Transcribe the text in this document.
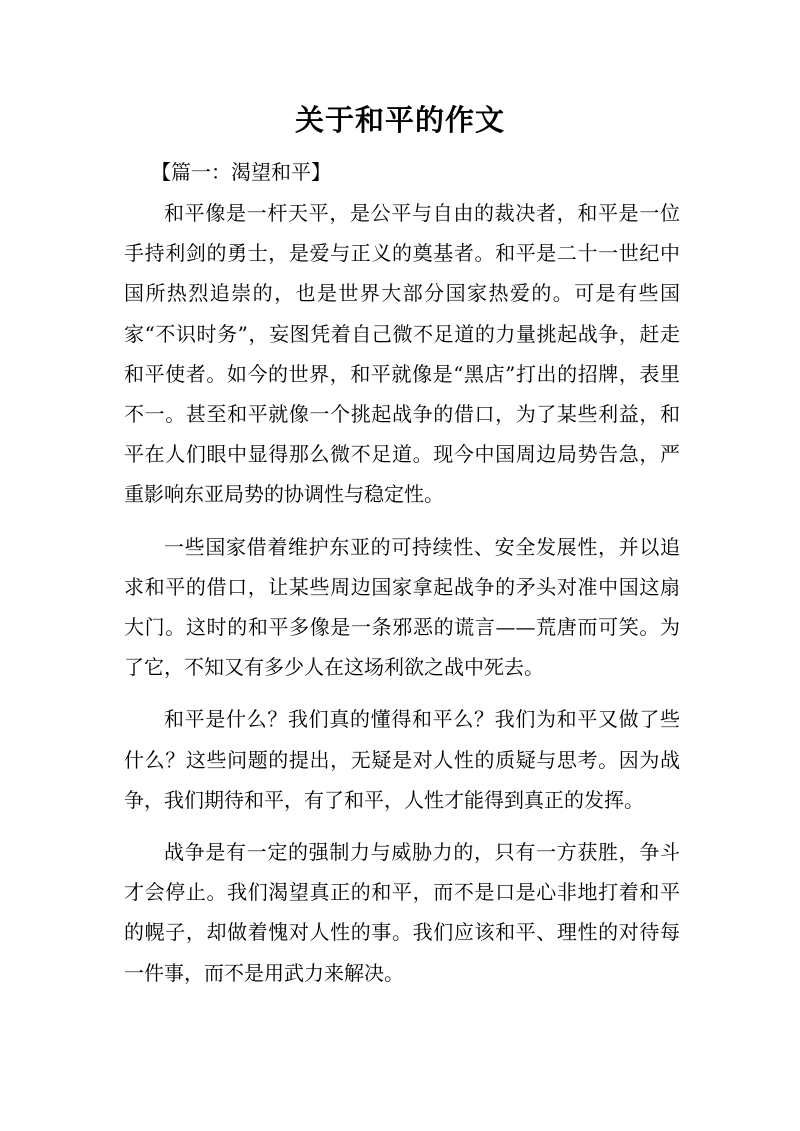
关于和平的作文
【篇一：渴望和平】

和平像是一杆天平，是公平与自由的裁决者，和平是一位手持利剑的勇士，是爱与正义的奠基者。和平是二十一世纪中国所热烈追崇的，也是世界大部分国家热爱的。可是有些国家“不识时务”，妄图凭着自己微不足道的力量挑起战争，赶走和平使者。如今的世界，和平就像是“黑店”打出的招牌，表里不一。甚至和平就像一个挑起战争的借口，为了某些利益，和平在人们眼中显得那么微不足道。现今中国周边局势告急，严重影响东亚局势的协调性与稳定性。

一些国家借着维护东亚的可持续性、安全发展性，并以追求和平的借口，让某些周边国家拿起战争的矛头对准中国这扇大门。这时的和平多像是一条邪恶的谎言——荒唐而可笑。为了它，不知又有多少人在这场利欲之战中死去。

和平是什么？我们真的懂得和平么？我们为和平又做了些什么？这些问题的提出，无疑是对人性的质疑与思考。因为战争，我们期待和平，有了和平，人性才能得到真正的发挥。

战争是有一定的强制力与威胁力的，只有一方获胜，争斗才会停止。我们渴望真正的和平，而不是口是心非地打着和平的幌子，却做着愧对人性的事。我们应该和平、理性的对待每一件事，而不是用武力来解决。
